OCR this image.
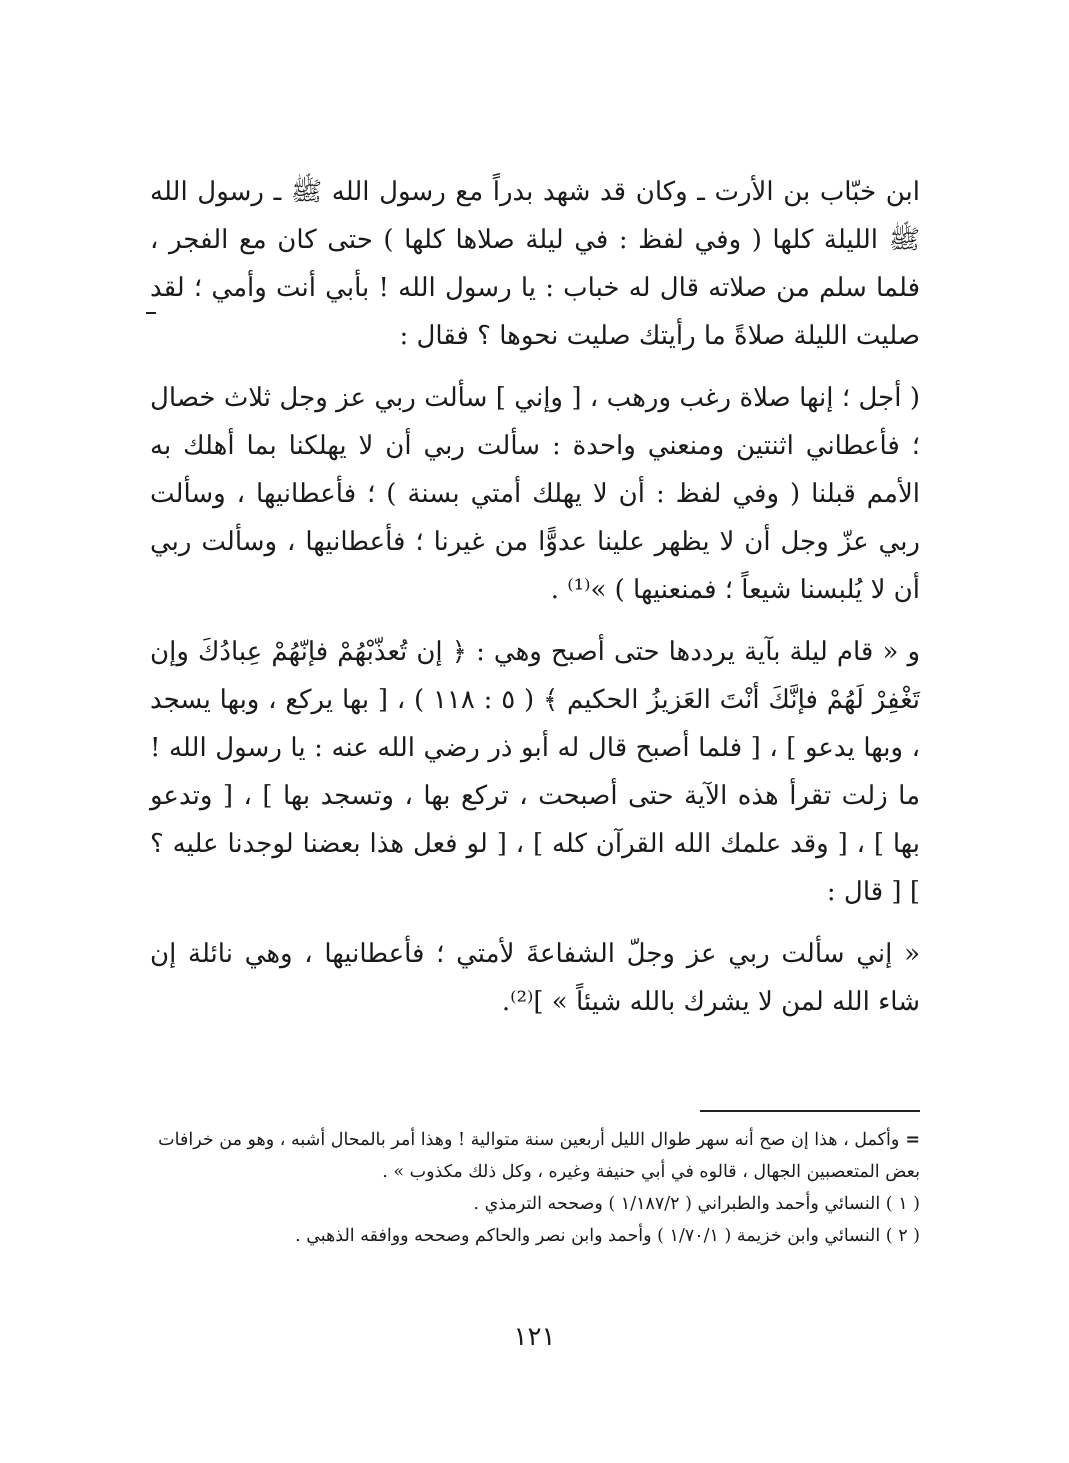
ابن خبّاب بن الأرت ـ وكان قد شهد بدراً مع رسول الله ﷺ ـ رسول الله ﷺ الليلة كلها ( وفي لفظ : في ليلة صلاها كلها ) حتى كان مع الفجر ، فلما سلم من صلاته قال له خباب : يا رسول الله ! بأبي أنت وأمي ؛ لقد صليت الليلة صلاةً ما رأيتك صليت نحوها ؟ فقال :

( أجل ؛ إنها صلاة رغب ورهب ، [ وإني ] سألت ربي عز وجل ثلاث خصال ؛ فأعطاني اثنتين ومنعني واحدة : سألت ربي أن لا يهلكنا بما أهلك به الأمم قبلنا ( وفي لفظ : أن لا يهلك أمتي بسنة ) ؛ فأعطانيها ، وسألت ربي عزّ وجل أن لا يظهر علينا عدوًّا من غيرنا ؛ فأعطانيها ، وسألت ربي أن لا يُلبسنا شيعاً ؛ فمنعنيها ) »⁽¹⁾ .

و « قام ليلة بآية يرددها حتى أصبح وهي : ﴿ إن تُعذّبْهُمْ فإنّهُمْ عِبادُكَ وإن تَغْفِرْ لَهُمْ فإنَّكَ أنْتَ العَزيزُ الحكيم ﴾ ( ٥ : ١١٨ ) ، [ بها يركع ، وبها يسجد ، وبها يدعو ] ، [ فلما أصبح قال له أبو ذر رضي الله عنه : يا رسول الله ! ما زلت تقرأ هذه الآية حتى أصبحت ، تركع بها ، وتسجد بها ] ، [ وتدعو بها ] ، [ وقد علمك الله القرآن كله ] ، [ لو فعل هذا بعضنا لوجدنا عليه ؟ ] [ قال :

« إني سألت ربي عز وجلّ الشفاعةَ لأمتي ؛ فأعطانيها ، وهي نائلة إن شاء الله لمن لا يشرك بالله شيئاً » ]⁽²⁾.

=وأكمل ، هذا إن صح أنه سهر طوال الليل أربعين سنة متوالية ! وهذا أمر بالمحال أشبه ، وهو من خرافات بعض المتعصبين الجهال ، قالوه في أبي حنيفة وغيره ، وكل ذلك مكذوب » .

( ١ ) النسائي وأحمد والطبراني ( ١/١٨٧/٢ ) وصححه الترمذي .

( ٢ ) النسائي وابن خزيمة ( ١/٧٠/١ ) وأحمد وابن نصر والحاكم وصححه ووافقه الذهبي .

١٢١
